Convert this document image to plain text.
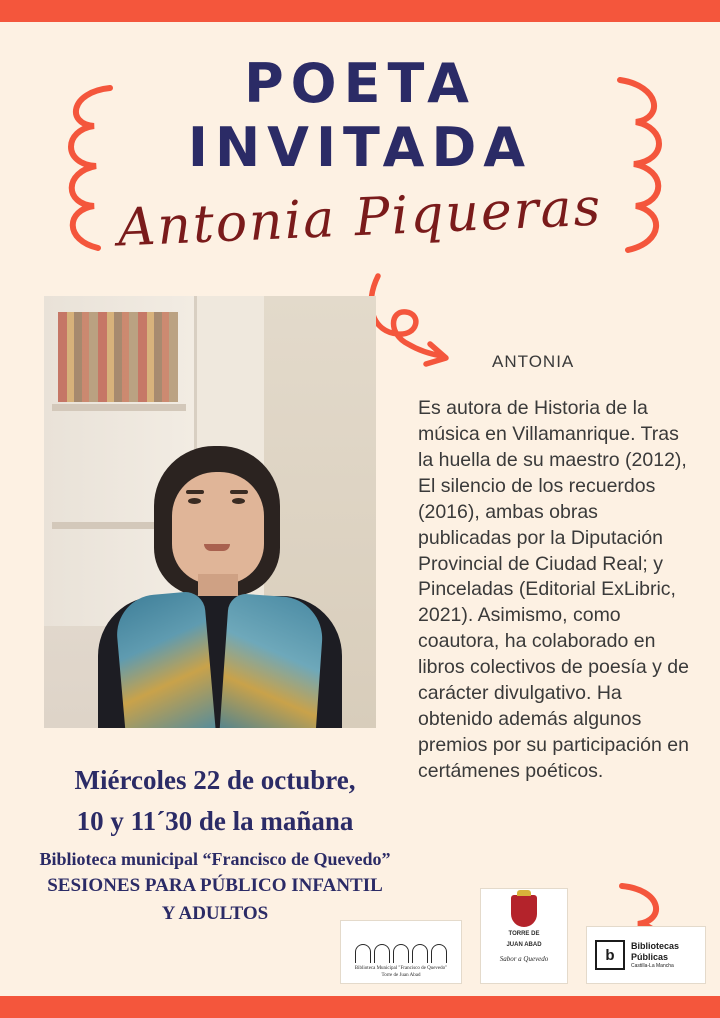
POETA
INVITADA
Antonia Piqueras
ANTONIA
Es autora de Historia de la música en Villamanrique. Tras la huella de su maestro (2012), El silencio de los recuerdos (2016), ambas obras publicadas por la Diputación Provincial de Ciudad Real; y Pinceladas (Editorial ExLibric, 2021). Asimismo, como coautora, ha colaborado en libros colectivos de poesía y de carácter divulgativo. Ha obtenido además algunos premios por su participación en certámenes poéticos.
Miércoles 22 de octubre,
10 y 11´30 de la mañana
Biblioteca municipal “Francisco de Quevedo”
SESIONES PARA PÚBLICO INFANTIL
Y ADULTOS
Biblioteca Municipal "Francisco de Quevedo"
Torre de Juan Abad
TORRE DE
JUAN ABAD
Sabor a Quevedo	b
Bibliotecas
Públicas
Castilla-La Mancha
